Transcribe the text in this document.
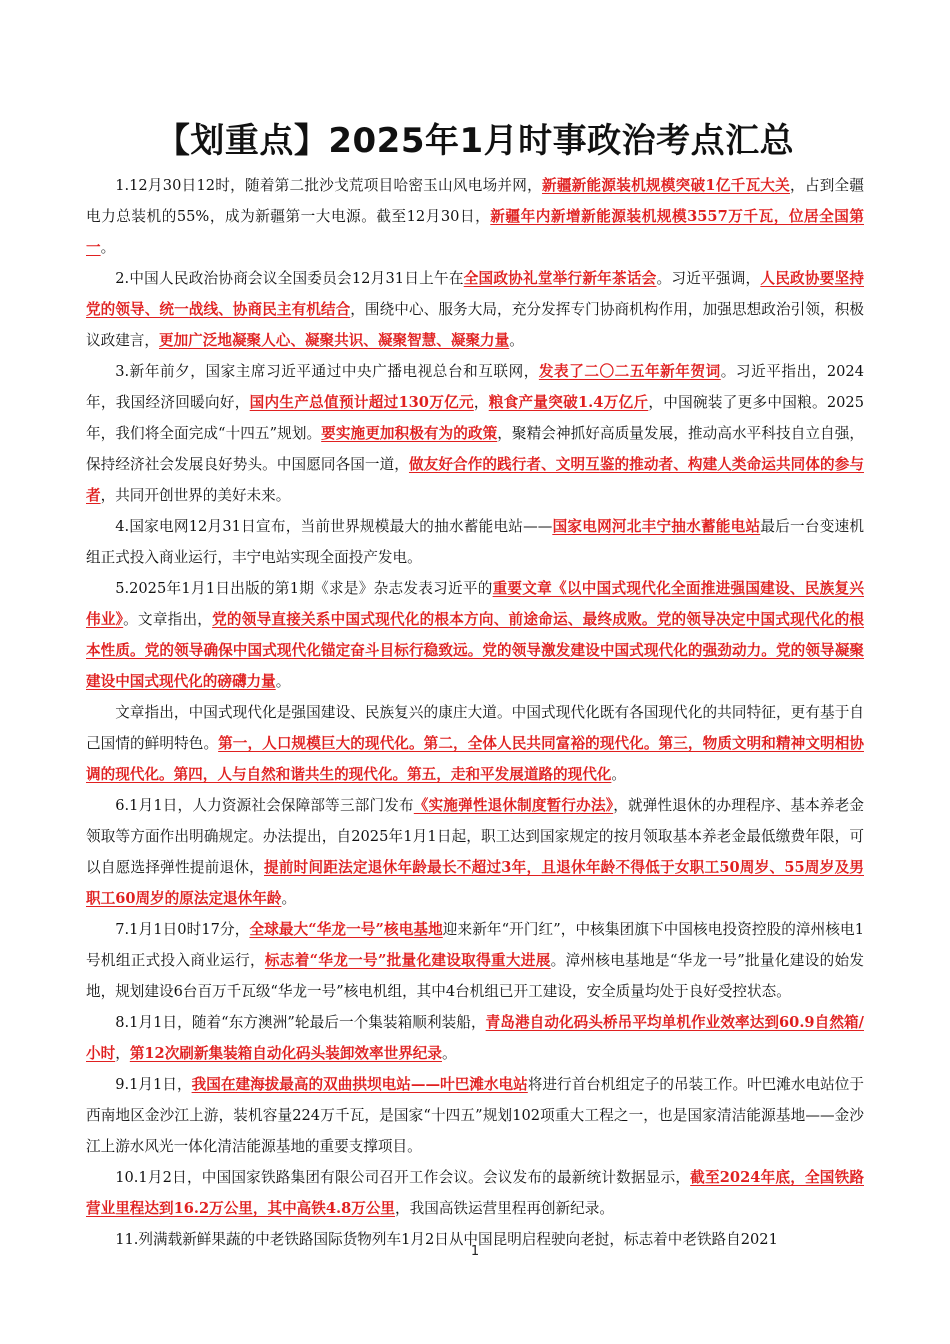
【划重点】2025年1月时事政治考点汇总

1.12月30日12时，随着第二批沙戈荒项目哈密玉山风电场并网，新疆新能源装机规模突破1亿千瓦大关，占到全疆电力总装机的55%，成为新疆第一大电源。截至12月30日，新疆年内新增新能源装机规模3557万千瓦，位居全国第一。

2.中国人民政治协商会议全国委员会12月31日上午在全国政协礼堂举行新年茶话会。习近平强调，人民政协要坚持党的领导、统一战线、协商民主有机结合，围绕中心、服务大局，充分发挥专门协商机构作用，加强思想政治引领，积极议政建言，更加广泛地凝聚人心、凝聚共识、凝聚智慧、凝聚力量。

3.新年前夕，国家主席习近平通过中央广播电视总台和互联网，发表了二〇二五年新年贺词。习近平指出，2024年，我国经济回暖向好，国内生产总值预计超过130万亿元，粮食产量突破1.4万亿斤，中国碗装了更多中国粮。2025年，我们将全面完成“十四五”规划。要实施更加积极有为的政策，聚精会神抓好高质量发展，推动高水平科技自立自强，保持经济社会发展良好势头。中国愿同各国一道，做友好合作的践行者、文明互鉴的推动者、构建人类命运共同体的参与者，共同开创世界的美好未来。

4.国家电网12月31日宣布，当前世界规模最大的抽水蓄能电站——国家电网河北丰宁抽水蓄能电站最后一台变速机组正式投入商业运行，丰宁电站实现全面投产发电。

5.2025年1月1日出版的第1期《求是》杂志发表习近平的重要文章《以中国式现代化全面推进强国建设、民族复兴伟业》。文章指出，党的领导直接关系中国式现代化的根本方向、前途命运、最终成败。党的领导决定中国式现代化的根本性质。党的领导确保中国式现代化锚定奋斗目标行稳致远。党的领导激发建设中国式现代化的强劲动力。党的领导凝聚建设中国式现代化的磅礴力量。

文章指出，中国式现代化是强国建设、民族复兴的康庄大道。中国式现代化既有各国现代化的共同特征，更有基于自己国情的鲜明特色。第一，人口规模巨大的现代化。第二，全体人民共同富裕的现代化。第三，物质文明和精神文明相协调的现代化。第四，人与自然和谐共生的现代化。第五，走和平发展道路的现代化。

6.1月1日，人力资源社会保障部等三部门发布《实施弹性退休制度暂行办法》，就弹性退休的办理程序、基本养老金领取等方面作出明确规定。办法提出，自2025年1月1日起，职工达到国家规定的按月领取基本养老金最低缴费年限，可以自愿选择弹性提前退休，提前时间距法定退休年龄最长不超过3年，且退休年龄不得低于女职工50周岁、55周岁及男职工60周岁的原法定退休年龄。

7.1月1日0时17分，全球最大“华龙一号”核电基地迎来新年“开门红”，中核集团旗下中国核电投资控股的漳州核电1号机组正式投入商业运行，标志着“华龙一号”批量化建设取得重大进展。漳州核电基地是“华龙一号”批量化建设的始发地，规划建设6台百万千瓦级“华龙一号”核电机组，其中4台机组已开工建设，安全质量均处于良好受控状态。

8.1月1日，随着“东方澳洲”轮最后一个集装箱顺利装船，青岛港自动化码头桥吊平均单机作业效率达到60.9自然箱/小时，第12次刷新集装箱自动化码头装卸效率世界纪录。

9.1月1日，我国在建海拔最高的双曲拱坝电站——叶巴滩水电站将进行首台机组定子的吊装工作。叶巴滩水电站位于西南地区金沙江上游，装机容量224万千瓦，是国家“十四五”规划102项重大工程之一，也是国家清洁能源基地——金沙江上游水风光一体化清洁能源基地的重要支撑项目。

10.1月2日，中国国家铁路集团有限公司召开工作会议。会议发布的最新统计数据显示，截至2024年底，全国铁路营业里程达到16.2万公里，其中高铁4.8万公里，我国高铁运营里程再创新纪录。

11.列满载新鲜果蔬的中老铁路国际货物列车1月2日从中国昆明启程驶向老挝，标志着中老铁路自2021

1
